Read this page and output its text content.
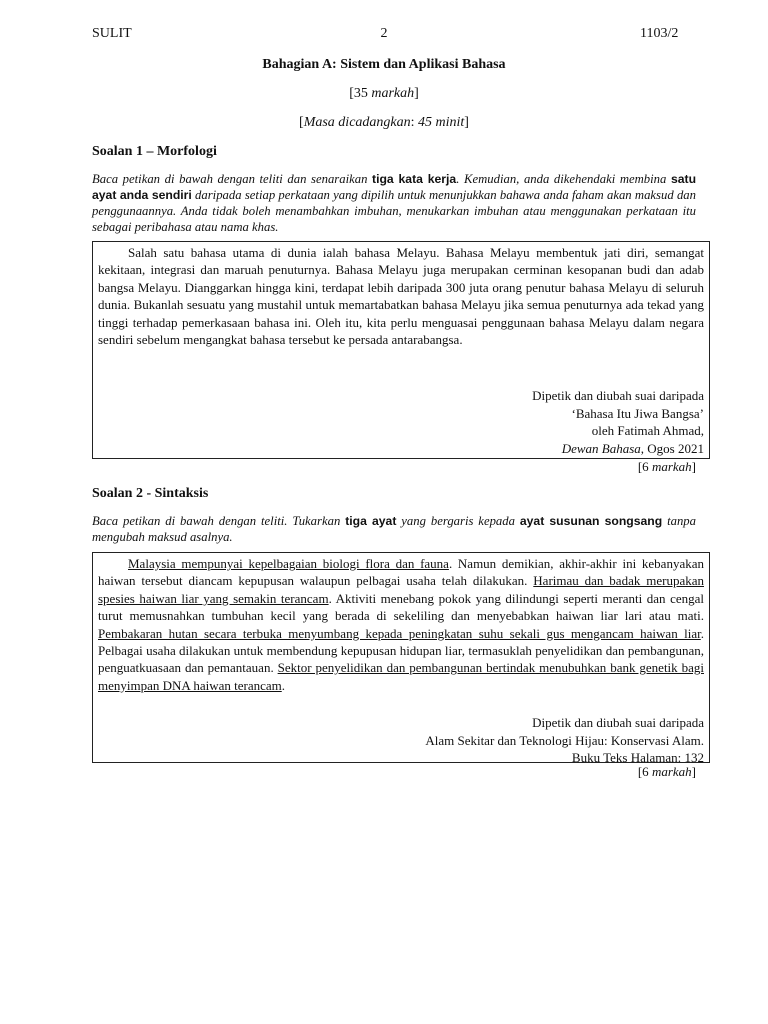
SULIT	2	1103/2
Bahagian A: Sistem dan Aplikasi Bahasa
[35 markah]
[Masa dicadangkan: 45 minit]
Soalan 1 – Morfologi
Baca petikan di bawah dengan teliti dan senaraikan tiga kata kerja. Kemudian, anda dikehendaki membina satu ayat anda sendiri daripada setiap perkataan yang dipilih untuk menunjukkan bahawa anda faham akan maksud dan penggunaannya. Anda tidak boleh menambahkan imbuhan, menukarkan imbuhan atau menggunakan perkataan itu sebagai peribahasa atau nama khas.

Salah satu bahasa utama di dunia ialah bahasa Melayu. Bahasa Melayu membentuk jati diri, semangat kekitaan, integrasi dan maruah penuturnya. Bahasa Melayu juga merupakan cerminan kesopanan budi dan adab bangsa Melayu. Dianggarkan hingga kini, terdapat lebih daripada 300 juta orang penutur bahasa Melayu di seluruh dunia. Bukanlah sesuatu yang mustahil untuk memartabatkan bahasa Melayu jika semua penuturnya ada tekad yang tinggi terhadap pemerkasaan bahasa ini. Oleh itu, kita perlu menguasai penggunaan bahasa Melayu dalam negara sendiri sebelum mengangkat bahasa tersebut ke persada antarabangsa.

Dipetik dan diubah suai daripada
‘Bahasa Itu Jiwa Bangsa’
oleh Fatimah Ahmad,
Dewan Bahasa, Ogos 2021
[6 markah]
Soalan 2 - Sintaksis
Baca petikan di bawah dengan teliti. Tukarkan tiga ayat yang bergaris kepada ayat susunan songsang tanpa mengubah maksud asalnya.

Malaysia mempunyai kepelbagaian biologi flora dan fauna. Namun demikian, akhir-akhir ini kebanyakan haiwan tersebut diancam kepupusan walaupun pelbagai usaha telah dilakukan. Harimau dan badak merupakan spesies haiwan liar yang semakin terancam. Aktiviti menebang pokok yang dilindungi seperti meranti dan cengal turut memusnahkan tumbuhan kecil yang berada di sekeliling dan menyebabkan haiwan liar lari atau mati. Pembakaran hutan secara terbuka menyumbang kepada peningkatan suhu sekali gus mengancam haiwan liar. Pelbagai usaha dilakukan untuk membendung kepupusan hidupan liar, termasuklah penyelidikan dan pembangunan, penguatkuasaan dan pemantauan. Sektor penyelidikan dan pembangunan bertindak menubuhkan bank genetik bagi menyimpan DNA haiwan terancam.

Dipetik dan diubah suai daripada
Alam Sekitar dan Teknologi Hijau: Konservasi Alam.
Buku Teks Halaman: 132
[6 markah]
